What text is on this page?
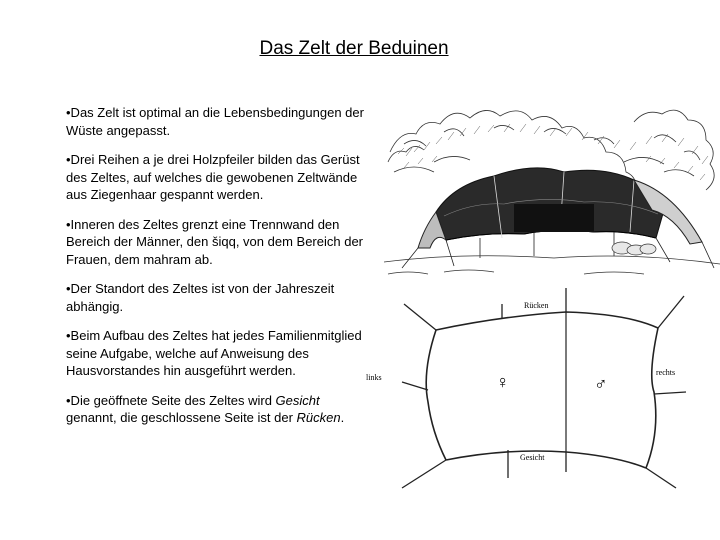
Das Zelt der Beduinen

•Das Zelt ist optimal an die Lebensbedingungen der Wüste angepasst.

•Drei Reihen a je drei Holzpfeiler bilden das Gerüst des Zeltes, auf welches die gewobenen Zeltwände aus Ziegenhaar gespannt werden.

•Inneren des Zeltes grenzt eine Trennwand den Bereich der Männer, den šiqq, von dem Bereich der Frauen, dem mahram ab.

•Der Standort des Zeltes ist von der Jahreszeit abhängig.

•Beim Aufbau des Zeltes hat jedes Familienmitglied seine Aufgabe, welche auf Anweisung des Hausvorstandes hin ausgeführt werden.

•Die geöffnete Seite des Zeltes wird Gesicht genannt, die geschlossene Seite ist der Rücken.

Rücken
Gesicht
links
rechts
♀	♂
